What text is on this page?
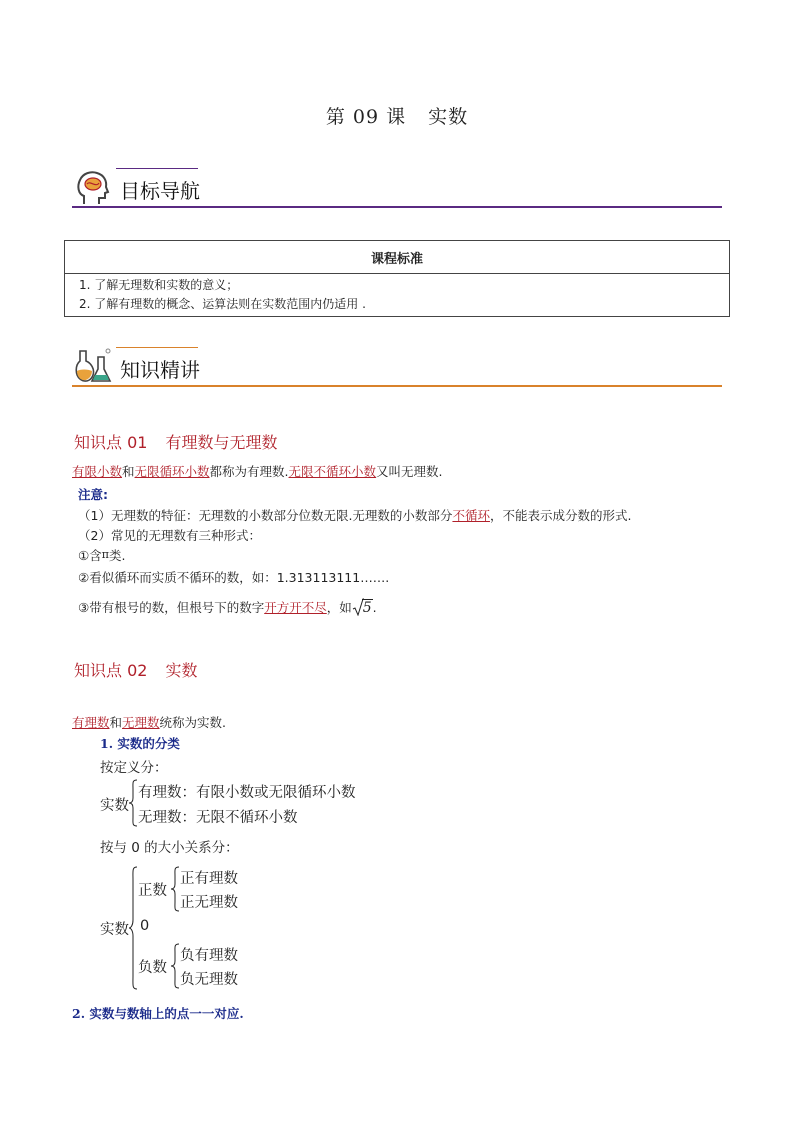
第 09 课 实数
目标导航
课程标准

1. 了解无理数和实数的意义；
2. 了解有理数的概念、运算法则在实数范围内仍适用 .
知识精讲
知识点 01 有理数与无理数
有限小数和无限循环小数都称为有理数.无限不循环小数又叫无理数.
注意:
（1）无理数的特征：无理数的小数部分位数无限.无理数的小数部分不循环，不能表示成分数的形式.
（2）常见的无理数有三种形式：
①含π类.
②看似循环而实质不循环的数，如：1.313113111…….
③带有根号的数，但根号下的数字开方开不尽，如 5.
知识点 02 实数
有理数和无理数统称为实数.
1. 实数的分类
按定义分：
实数
有理数：有限小数或无限循环小数
无理数：无限不循环小数
按与 0 的大小关系分：
实数
正数
正有理数
正无理数
0
负数
负有理数
负无理数
2. 实数与数轴上的点一一对应.
